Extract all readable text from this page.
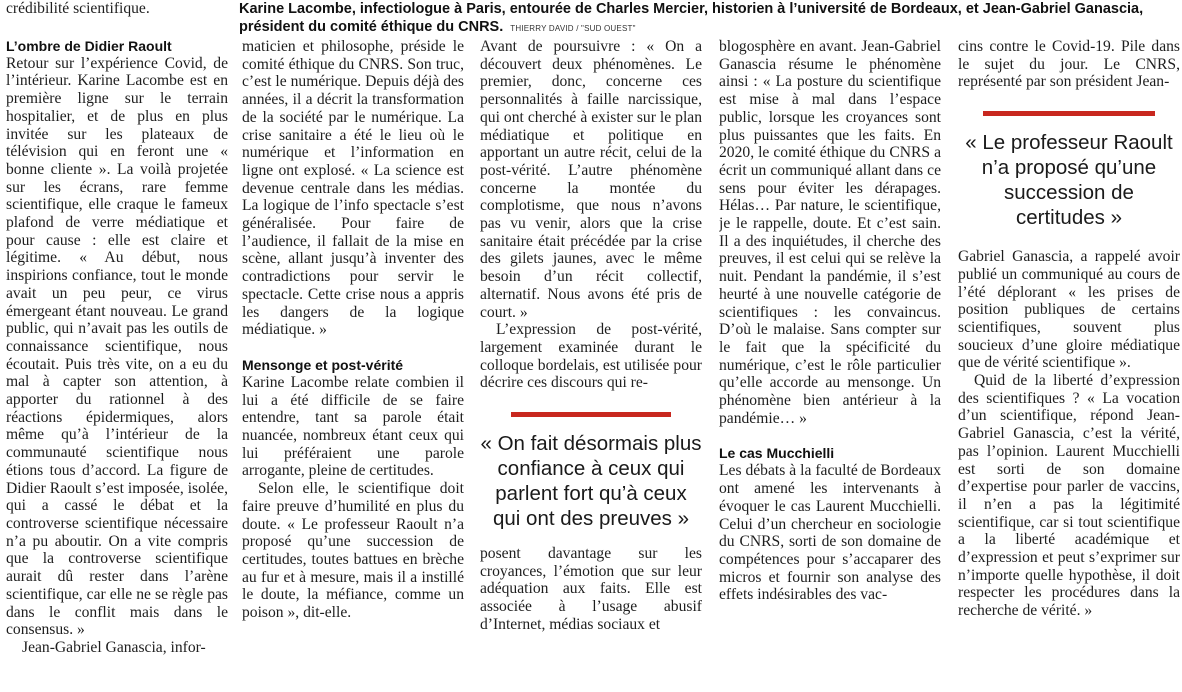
Karine Lacombe, infectiologue à Paris, entourée de Charles Mercier, historien à l’université de Bordeaux, et Jean-Gabriel Ganascia, président du comité éthique du CNRS. THIERRY DAVID / "SUD OUEST"

crédibilité scientifique.

L’ombre de Didier Raoult

Retour sur l’expérience Covid, de l’intérieur. Karine Lacombe est en première ligne sur le terrain hospitalier, et de plus en plus invitée sur les plateaux de télévision qui en feront une « bonne cliente ». La voilà projetée sur les écrans, rare femme scientifique, elle craque le fameux plafond de verre médiatique et pour cause : elle est claire et légitime. « Au début, nous inspirions confiance, tout le monde avait un peu peur, ce virus émergeant étant nouveau. Le grand public, qui n’avait pas les outils de connaissance scientifique, nous écoutait. Puis très vite, on a eu du mal à capter son attention, à apporter du rationnel à des réactions épidermiques, alors même qu’à l’intérieur de la communauté scientifique nous étions tous d’accord. La figure de Didier Raoult s’est imposée, isolée, qui a cassé le débat et la controverse scientifique nécessaire n’a pu aboutir. On a vite compris que la controverse scientifique aurait dû rester dans l’arène scientifique, car elle ne se règle pas dans le conflit mais dans le consensus. »

Jean-Gabriel Ganascia, infor-

maticien et philosophe, préside le comité éthique du CNRS. Son truc, c’est le numérique. Depuis déjà des années, il a décrit la transformation de la société par le numérique. La crise sanitaire a été le lieu où le numérique et l’information en ligne ont explosé. « La science est devenue centrale dans les médias. La logique de l’info spectacle s’est généralisée. Pour faire de l’audience, il fallait de la mise en scène, allant jusqu’à inventer des contradictions pour servir le spectacle. Cette crise nous a appris les dangers de la logique médiatique. »

Mensonge et post-vérité

Karine Lacombe relate combien il lui a été difficile de se faire entendre, tant sa parole était nuancée, nombreux étant ceux qui lui préféraient une parole arrogante, pleine de certitudes.

Selon elle, le scientifique doit faire preuve d’humilité en plus du doute. « Le professeur Raoult n’a proposé qu’une succession de certitudes, toutes battues en brèche au fur et à mesure, mais il a instillé le doute, la méfiance, comme un poison », dit-elle.

Avant de poursuivre : « On a découvert deux phénomènes. Le premier, donc, concerne ces personnalités à faille narcissique, qui ont cherché à exister sur le plan médiatique et politique en apportant un autre récit, celui de la post-vérité. L’autre phénomène concerne la montée du complotisme, que nous n’avons pas vu venir, alors que la crise sanitaire était précédée par la crise des gilets jaunes, avec le même besoin d’un récit collectif, alternatif. Nous avons été pris de court. »

L’expression de post-vérité, largement examinée durant le colloque bordelais, est utilisée pour décrire ces discours qui re-

« On fait désormais plus confiance à ceux qui parlent fort qu’à ceux qui ont des preuves »

posent davantage sur les croyances, l’émotion que sur leur adéquation aux faits. Elle est associée à l’usage abusif d’Internet, médias sociaux et

blogosphère en avant. Jean-Gabriel Ganascia résume le phénomène ainsi : « La posture du scientifique est mise à mal dans l’espace public, lorsque les croyances sont plus puissantes que les faits. En 2020, le comité éthique du CNRS a écrit un communiqué allant dans ce sens pour éviter les dérapages. Hélas… Par nature, le scientifique, je le rappelle, doute. Et c’est sain. Il a des inquiétudes, il cherche des preuves, il est celui qui se relève la nuit. Pendant la pandémie, il s’est heurté à une nouvelle catégorie de scientifiques : les convaincus. D’où le malaise. Sans compter sur le fait que la spécificité du numérique, c’est le rôle particulier qu’elle accorde au mensonge. Un phénomène bien antérieur à la pandémie… »

Le cas Mucchielli

Les débats à la faculté de Bordeaux ont amené les intervenants à évoquer le cas Laurent Mucchielli. Celui d’un chercheur en sociologie du CNRS, sorti de son domaine de compétences pour s’accaparer des micros et fournir son analyse des effets indésirables des vac-

cins contre le Covid-19. Pile dans le sujet du jour. Le CNRS, représenté par son président Jean-

« Le professeur Raoult n’a proposé qu’une succession de certitudes »

Gabriel Ganascia, a rappelé avoir publié un communiqué au cours de l’été déplorant « les prises de position publiques de certains scientifiques, souvent plus soucieux d’une gloire médiatique que de vérité scientifique ».

Quid de la liberté d’expression des scientifiques ? « La vocation d’un scientifique, répond Jean-Gabriel Ganascia, c’est la vérité, pas l’opinion. Laurent Mucchielli est sorti de son domaine d’expertise pour parler de vaccins, il n’en a pas la légitimité scientifique, car si tout scientifique a la liberté académique et d’expression et peut s’exprimer sur n’importe quelle hypothèse, il doit respecter les procédures dans la recherche de vérité. »
